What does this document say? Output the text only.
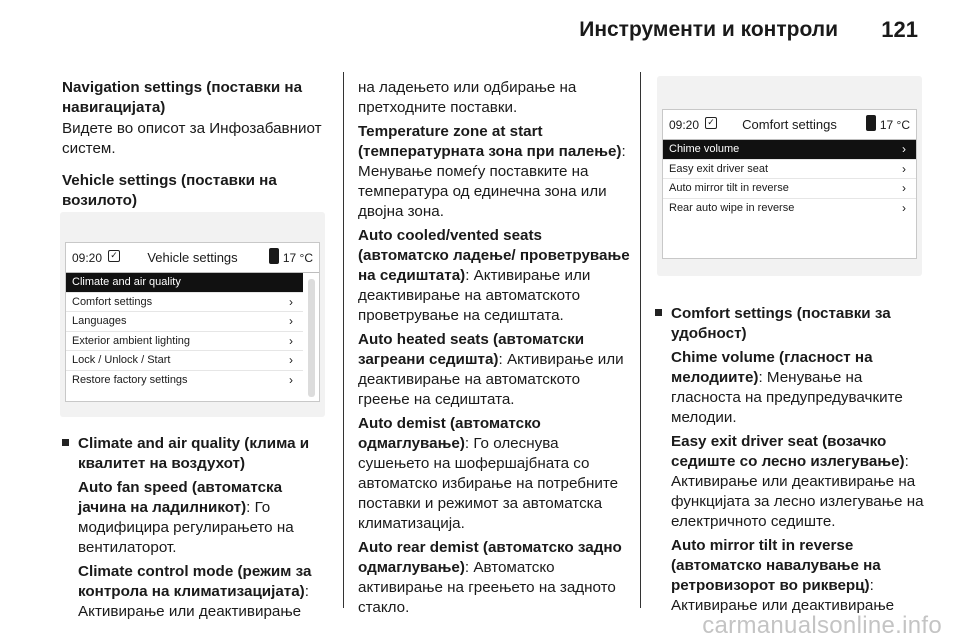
Инструменти и контроли 121

Navigation settings (поставки на навигацијата)

Видете во описот за Инфозабавниот систем.

Vehicle settings (поставки на возилото)

09:20 ✓	Vehicle settings	17 °C
Climate and air quality
Comfort settings	›
Languages	›
Exterior ambient lighting	›
Lock / Unlock / Start	›
Restore factory settings	›

Climate and air quality (клима и квалитет на воздухот)

Auto fan speed (автоматска јачина на ладилникот): Го модифицира регулирањето на вентилаторот.

Climate control mode (режим за контрола на климатизацијата): Активирање или деактивирање

на ладењето или одбирање на претходните поставки.

Temperature zone at start (температурната зона при палење): Менување помеѓу поставките на температура од единечна зона или двојна зона.

Auto cooled/vented seats (автоматско ладење/ проветрување на седиштата): Активирање или деактивирање на автоматското проветрување на седиштата.

Auto heated seats (автоматски загреани седишта): Активирање или деактивирање на автоматското греење на седиштата.

Auto demist (автоматско одмаглување): Го олеснува сушењето на шофершајбната со автоматско избирање на потребните поставки и режимот за автоматска климатизација.

Auto rear demist (автоматско задно одмаглување): Автоматско активирање на греењето на задното стакло.

09:20 ✓	Comfort settings	17 °C
Chime volume	›
Easy exit driver seat	›
Auto mirror tilt in reverse	›
Rear auto wipe in reverse	›

Comfort settings (поставки за удобност)

Chime volume (гласност на мелодиите): Менување на гласноста на предупредувачките мелодии.

Easy exit driver seat (возачко седиште со лесно излегување): Активирање или деактивирање на функцијата за лесно излегување на електричното седиште.

Auto mirror tilt in reverse (автоматско навалување на ретровизорот во рикверц): Активирање или деактивирање

carmanualsonline.info
